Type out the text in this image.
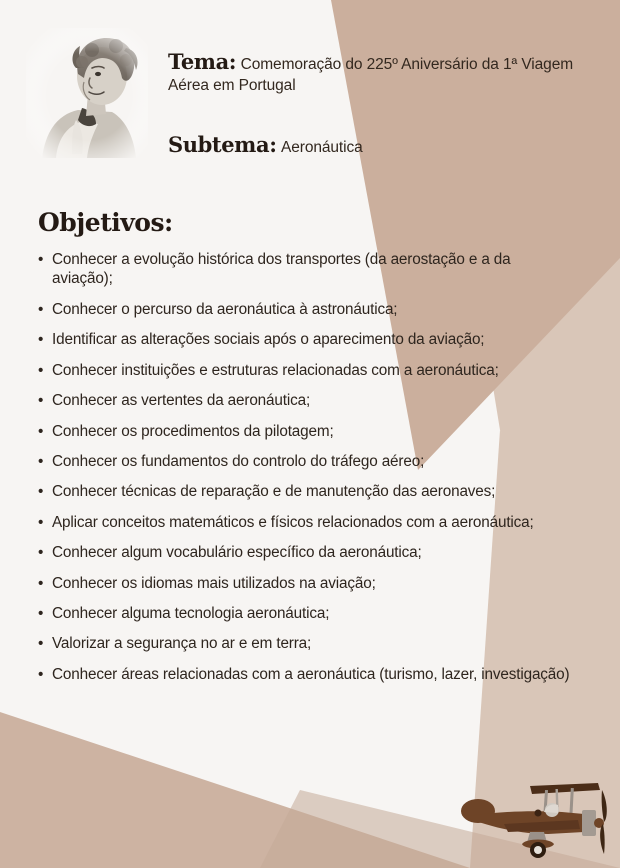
Tema: Comemoração do 225º Aniversário da 1ª Viagem Aérea em Portugal
Subtema: Aeronáutica
Objetivos:
• Conhecer a evolução histórica dos transportes (da aerostação e a da aviação);
• Conhecer o percurso da aeronáutica à astronáutica;
• Identificar as alterações sociais após o aparecimento da aviação;
• Conhecer instituições e estruturas relacionadas com a aeronáutica;
• Conhecer as vertentes da aeronáutica;
• Conhecer os procedimentos da pilotagem;
• Conhecer os fundamentos do controlo do tráfego aéreo;
• Conhecer técnicas de reparação e de manutenção das aeronaves;
• Aplicar conceitos matemáticos e físicos relacionados com a aeronáutica;
• Conhecer algum vocabulário específico da aeronáutica;
• Conhecer os idiomas mais utilizados na aviação;
• Conhecer alguma tecnologia aeronáutica;
• Valorizar a segurança no ar e em terra;
• Conhecer áreas relacionadas com a aeronáutica (turismo, lazer, investigação)
